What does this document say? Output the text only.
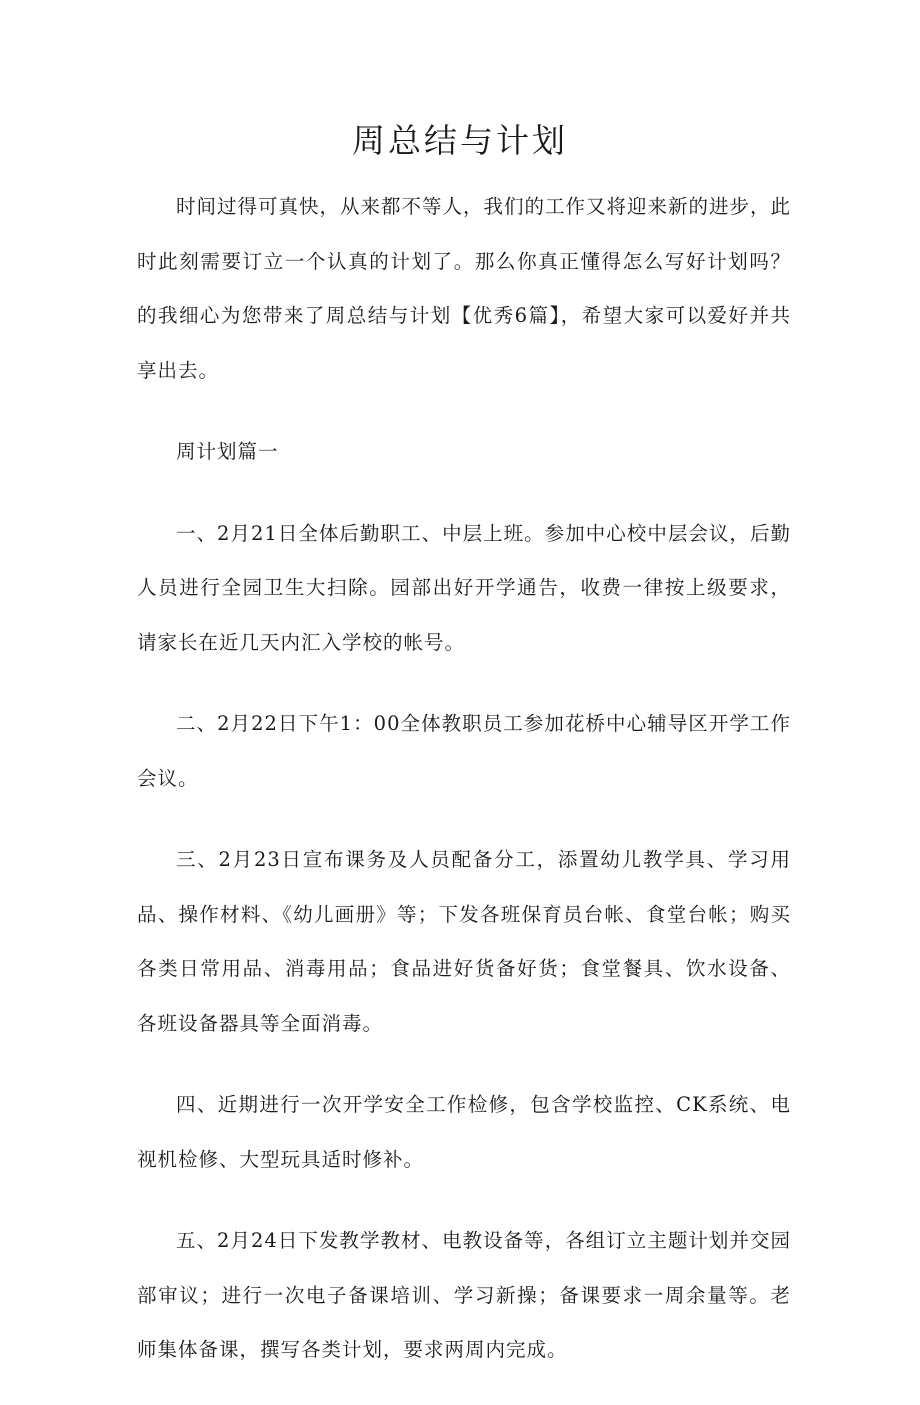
周总结与计划

时间过得可真快，从来都不等人，我们的工作又将迎来新的进步，此时此刻需要订立一个认真的计划了。那么你真正懂得怎么写好计划吗？的我细心为您带来了周总结与计划【优秀6篇】，希望大家可以爱好并共享出去。

周计划篇一

一、2月21日全体后勤职工、中层上班。参加中心校中层会议，后勤人员进行全园卫生大扫除。园部出好开学通告，收费一律按上级要求，请家长在近几天内汇入学校的帐号。

二、2月22日下午1：00全体教职员工参加花桥中心辅导区开学工作会议。

三、2月23日宣布课务及人员配备分工，添置幼儿教学具、学习用品、操作材料、《幼儿画册》等；下发各班保育员台帐、食堂台帐；购买各类日常用品、消毒用品；食品进好货备好货；食堂餐具、饮水设备、各班设备器具等全面消毒。

四、近期进行一次开学安全工作检修，包含学校监控、CK系统、电视机检修、大型玩具适时修补。

五、2月24日下发教学教材、电教设备等，各组订立主题计划并交园部审议；进行一次电子备课培训、学习新操；备课要求一周余量等。老师集体备课，撰写各类计划，要求两周内完成。
